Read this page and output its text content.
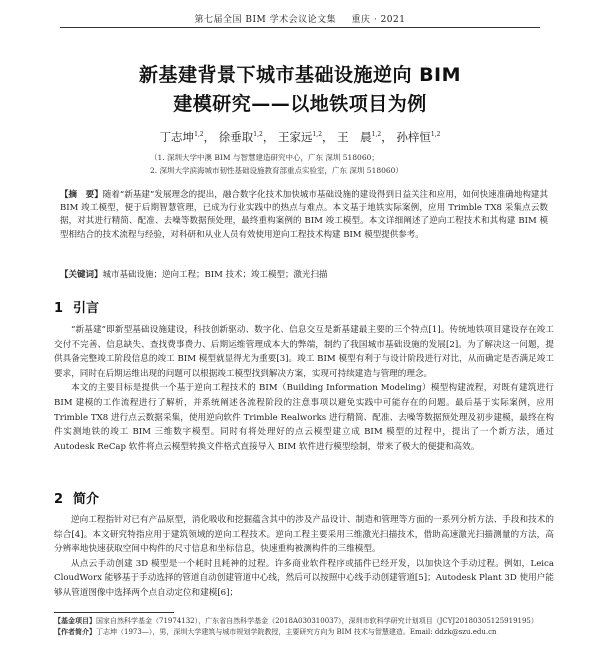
第七届全国 BIM 学术会议论文集 重庆 · 2021
新基建背景下城市基础设施逆向 BIM
建模研究——以地铁项目为例
丁志坤$^{1,2}$， 徐垂取$^{1,2}$， 王家远$^{1,2}$， 王　晨$^{1,2}$， 孙梓恒$^{1,2}$
（1. 深圳大学中澳 BIM 与智慧建造研究中心，广东 深圳 518060；
2. 深圳大学滨海城市韧性基础设施教育部重点实验室，广东 深圳 518060）
【摘　要】随着“新基建”发展理念的提出，融合数字化技术加快城市基础设施的建设得到日益关注和应用，如何快速准确地构建其 BIM 竣工模型，便于后期智慧管理，已成为行业实践中的热点与难点。本文基于地铁实际案例，应用 Trimble TX8 采集点云数据，对其进行精简、配准、去噪等数据预处理，最终重构案例的 BIM 竣工模型。本文详细阐述了逆向工程技术和其构建 BIM 模型相结合的技术流程与经验，对科研和从业人员有效使用逆向工程技术构建 BIM 模型提供参考。
【关键词】城市基础设施；逆向工程；BIM 技术；竣工模型；激光扫描
1 引言

“新基建”即新型基础设施建设，科技创新驱动、数字化、信息交互是新基建最主要的三个特点[1]。传统地铁项目建设存在竣工交付不完善、信息缺失、查找费事费力、后期运维管理成本大的弊端，制约了我国城市基础设施的发展[2]。为了解决这一问题，提供具备完整竣工阶段信息的竣工 BIM 模型就显得尤为重要[3]。竣工 BIM 模型有利于与设计阶段进行对比，从而确定是否满足竣工要求，同时在后期运维出现的问题可以根据竣工模型找到解决方案，实现可持续建造与管理的理念。

本文的主要目标是提供一个基于逆向工程技术的 BIM（Building Information Modeling）模型构建流程，对既有建筑进行 BIM 建模的工作流程进行了解析，并系统阐述各流程阶段的注意事项以避免实践中可能存在的问题。最后基于实际案例，应用 Trimble TX8 进行点云数据采集，使用逆向软件 Trimble Realworks 进行精简、配准、去噪等数据预处理及初步建模，最终在构件实测地铁的竣工 BIM 三维数字模型。同时有将处理好的点云模型建立成 BIM 模型的过程中，提出了一个新方法，通过 Autodesk ReCap 软件将点云模型转换文件格式直接导入 BIM 软件进行模型绘制，带来了极大的便捷和高效。

2 简介

逆向工程指针对已有产品原型，消化吸收和挖掘蕴含其中的涉及产品设计、制造和管理等方面的一系列分析方法、手段和技术的综合[4]。本文研究特指应用于建筑领域的逆向工程技术。逆向工程主要采用三维激光扫描技术，借助高速激光扫描测量的方法，高分辨率地快速获取空间中构件的尺寸信息和坐标信息，快速重构被测构件的三维模型。

从点云手动创建 3D 模型是一个耗时且耗神的过程。许多商业软件程序或插件已经开发，以加快这个手动过程。例如，Leica CloudWorx 能够基于手动选择的管道自动创建管道中心线，然后可以按照中心线手动创建管道[5]；Autodesk Plant 3D 使用户能够从管道图像中选择两个点自动定位和建模[6]；

【基金项目】国家自然科学基金（71974132），广东省自然科学基金（2018A030310037），深圳市软科学研究计划项目（JCYJ20180305125919195）

【作者简介】丁志坤（1973—），男，深圳大学建筑与城市规划学院教授，主要研究方向为 BIM 技术与智慧建造。Email: ddzk@szu.edu.cn
